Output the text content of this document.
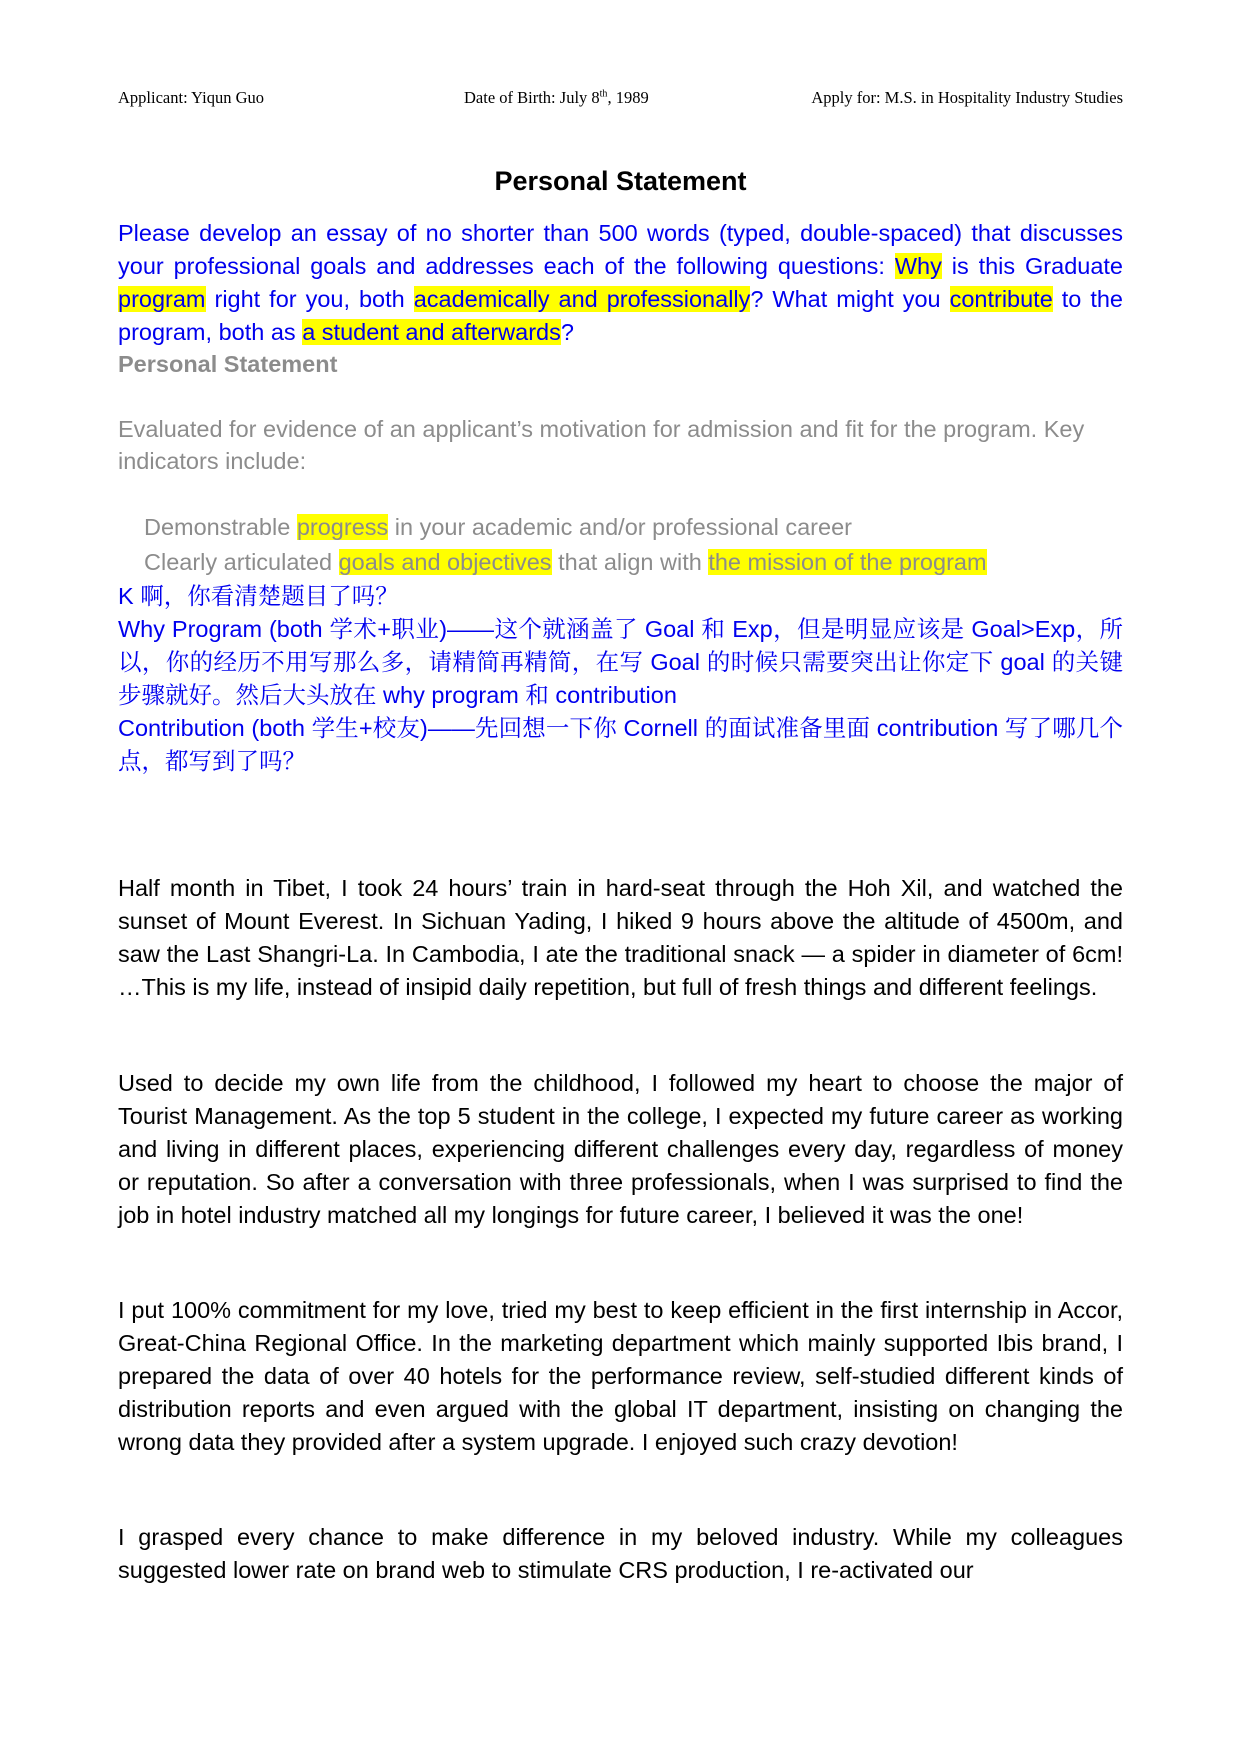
Applicant: Yiqun Guo	Date of Birth: July 8th, 1989	Apply for: M.S. in Hospitality Industry Studies
Personal Statement

Please develop an essay of no shorter than 500 words (typed, double-spaced) that discusses your professional goals and addresses each of the following questions: Why is this Graduate program right for you, both academically and professionally? What might you contribute to the program, both as a student and afterwards?

Personal Statement

Evaluated for evidence of an applicant’s motivation for admission and fit for the program. Key indicators include:

Demonstrable progress in your academic and/or professional career

Clearly articulated goals and objectives that align with the mission of the program

K 啊，你看清楚题目了吗？

Why Program (both 学术+职业)——这个就涵盖了 Goal 和 Exp，但是明显应该是 Goal>Exp，所以，你的经历不用写那么多，请精简再精简，在写 Goal 的时候只需要突出让你定下 goal 的关键步骤就好。然后大头放在 why program 和 contribution

Contribution (both 学生+校友)——先回想一下你 Cornell 的面试准备里面 contribution 写了哪几个点，都写到了吗？

Half month in Tibet, I took 24 hours’ train in hard-seat through the Hoh Xil, and watched the sunset of Mount Everest. In Sichuan Yading, I hiked 9 hours above the altitude of 4500m, and saw the Last Shangri-La. In Cambodia, I ate the traditional snack — a spider in diameter of 6cm! …This is my life, instead of insipid daily repetition, but full of fresh things and different feelings.

Used to decide my own life from the childhood, I followed my heart to choose the major of Tourist Management. As the top 5 student in the college, I expected my future career as working and living in different places, experiencing different challenges every day, regardless of money or reputation. So after a conversation with three professionals, when I was surprised to find the job in hotel industry matched all my longings for future career, I believed it was the one!

I put 100% commitment for my love, tried my best to keep efficient in the first internship in Accor, Great-China Regional Office. In the marketing department which mainly supported Ibis brand, I prepared the data of over 40 hotels for the performance review, self-studied different kinds of distribution reports and even argued with the global IT department, insisting on changing the wrong data they provided after a system upgrade. I enjoyed such crazy devotion!

I grasped every chance to make difference in my beloved industry. While my colleagues suggested lower rate on brand web to stimulate CRS production, I re-activated our
